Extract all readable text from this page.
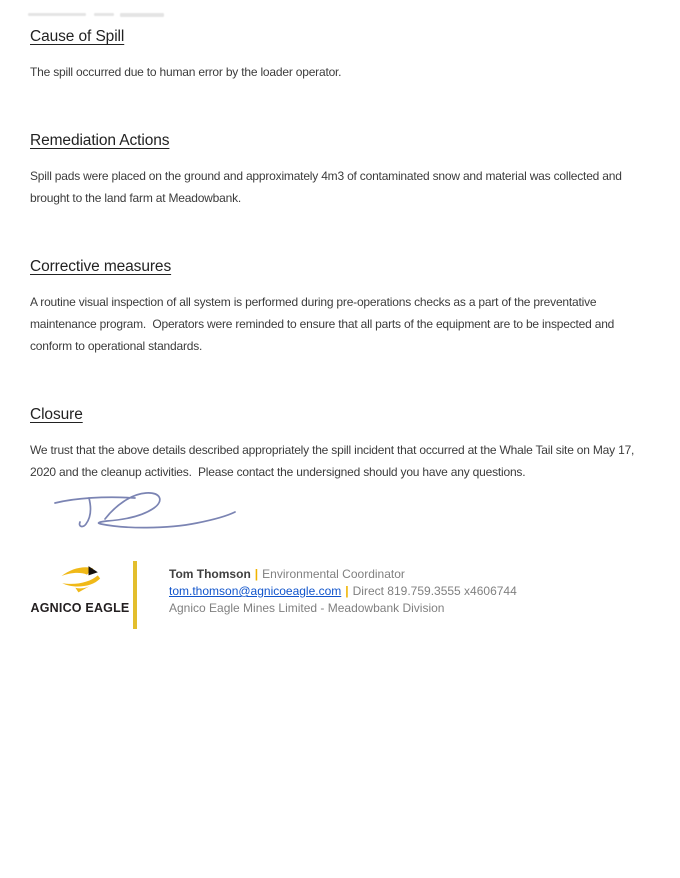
Cause of Spill

The spill occurred due to human error by the loader operator.

Remediation Actions

Spill pads were placed on the ground and approximately 4m3 of contaminated snow and material was collected and brought to the land farm at Meadowbank.

Corrective measures

A routine visual inspection of all system is performed during pre-operations checks as a part of the preventative maintenance program.  Operators were reminded to ensure that all parts of the equipment are to be inspected and conform to operational standards.

Closure

We trust that the above details described appropriately the spill incident that occurred at the Whale Tail site on May 17, 2020 and the cleanup activities.  Please contact the undersigned should you have any questions.

AGNICO EAGLE
Tom Thomson | Environmental Coordinator
tom.thomson@agnicoeagle.com | Direct 819.759.3555 x4606744
Agnico Eagle Mines Limited - Meadowbank Division
